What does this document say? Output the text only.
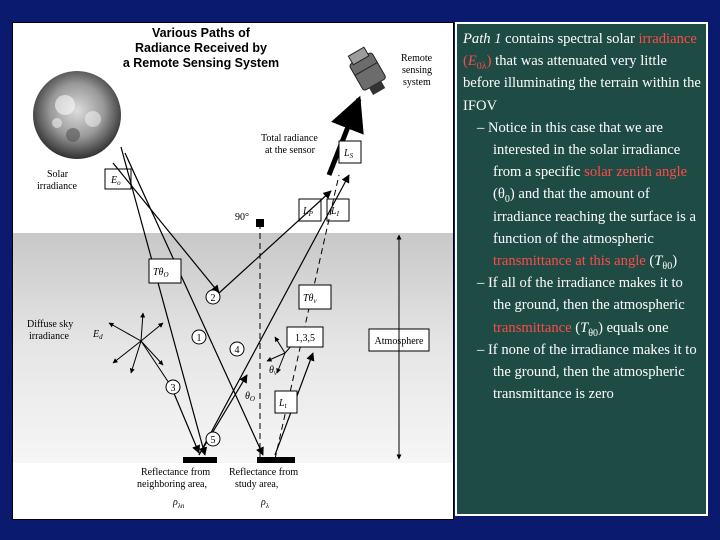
Various Paths of
Radiance Received by
a Remote Sensing System	Remote
sensing
system
Total radiance
at the sensor
Solar
irradiance
$E_o$
$L_S$
$L_P$ $L_I$
90°
$E_d$
Diffuse sky
irradiance
$T\theta_O$
$T\theta_v$
1,3,5
$L_t$
Atmosphere
$\theta_v$
$\theta_O$
2
1
4
3
5
Reflectance from
neighboring area,
Reflectance from
study area,
$\rho_{\lambda n}$	$\rho_\lambda$

Path 1 contains spectral solar irradiance $(E_{0\lambda})$ that was attenuated very little before illuminating the terrain within the IFOV

– Notice in this case that we are interested in the solar irradiance from a specific solar zenith angle $(\theta_0)$ and that the amount of irradiance reaching the surface is a function of the atmospheric transmittance at this angle $(T_{\theta 0})$

– If all of the irradiance makes it to the ground, then the atmospheric transmittance $(T_{\theta 0})$ equals one

– If none of the irradiance makes it to the ground, then the atmospheric transmittance is zero
